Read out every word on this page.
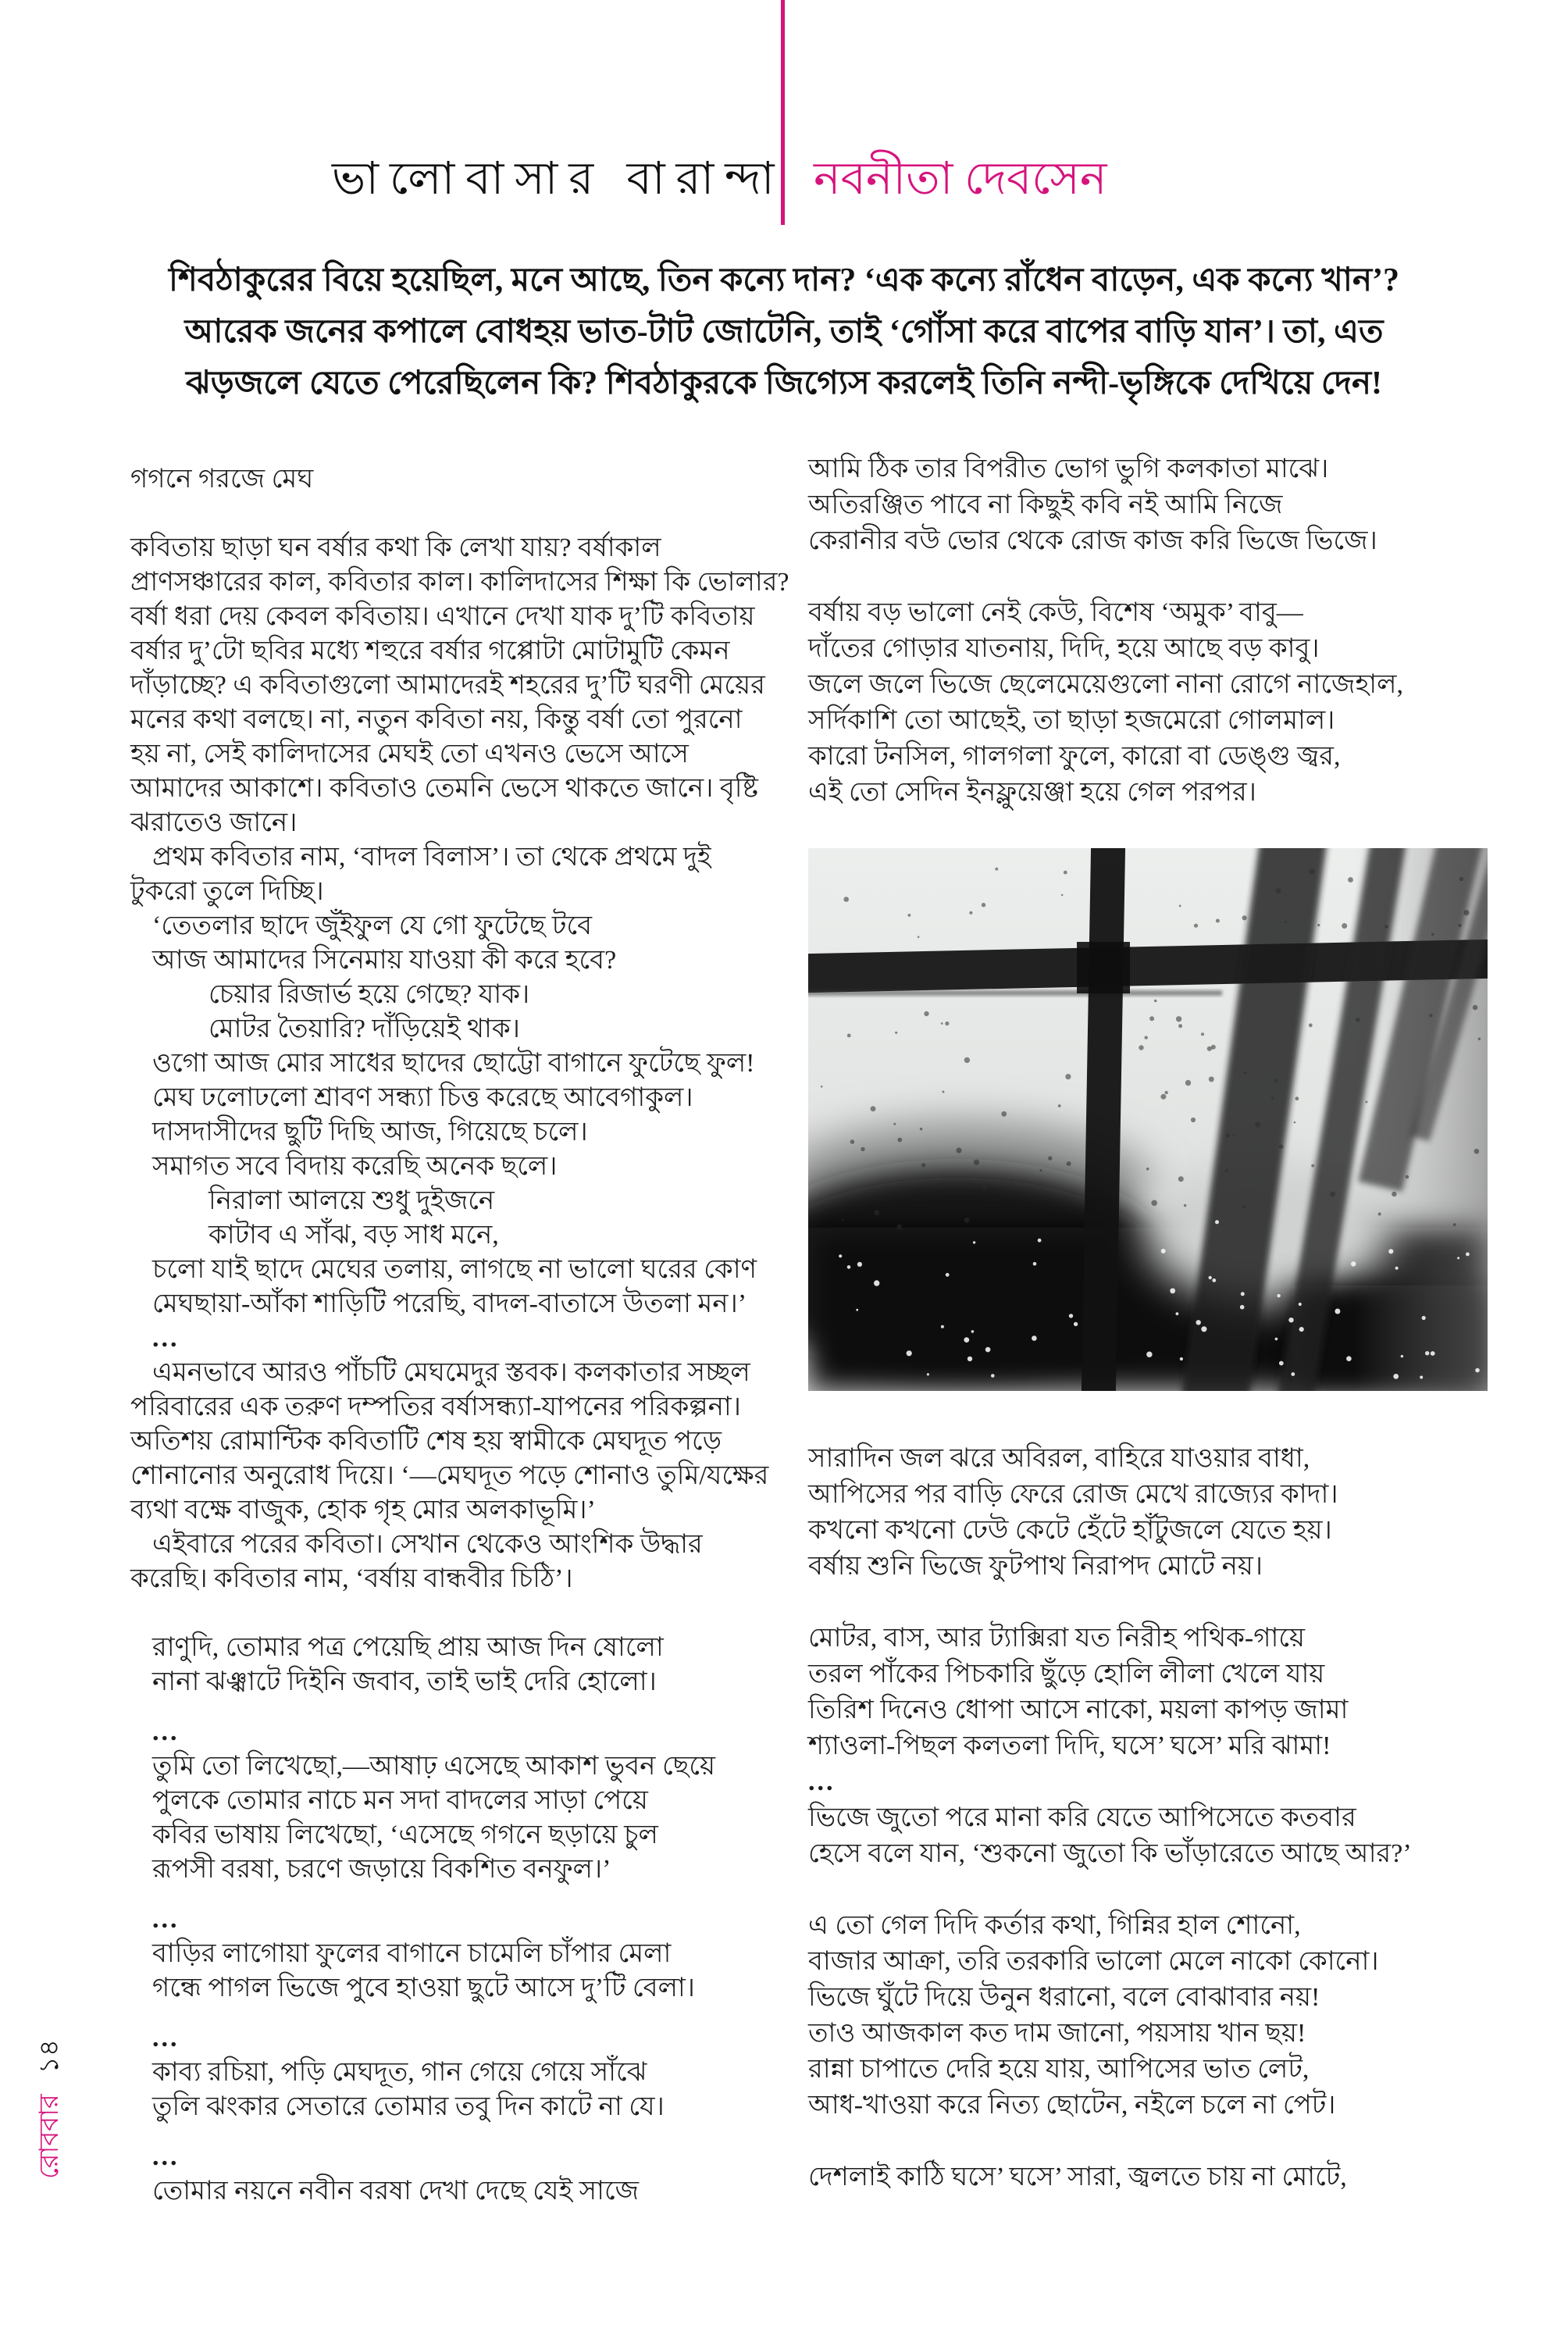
ভালোবাসার বারান্দা নবনীতা দেবসেন
শিবঠাকুরের বিয়ে হয়েছিল, মনে আছে, তিন কন্যে দান? ‘এক কন্যে রাঁধেন বাড়েন, এক কন্যে খান’?
আরেক জনের কপালে বোধহয় ভাত-টাট জোটেনি, তাই ‘গোঁসা করে বাপের বাড়ি যান’। তা, এত
ঝড়জলে যেতে পেরেছিলেন কি? শিবঠাকুরকে জিগ্যেস করলেই তিনি নন্দী-ভৃঙ্গিকে দেখিয়ে দেন!
গগনে গরজে মেঘ
কবিতায় ছাড়া ঘন বর্ষার কথা কি লেখা যায়? বর্ষাকাল
প্রাণসঞ্চারের কাল, কবিতার কাল। কালিদাসের শিক্ষা কি ভোলার?
বর্ষা ধরা দেয় কেবল কবিতায়। এখানে দেখা যাক দু’টি কবিতায়
বর্ষার দু’টো ছবির মধ্যে শহুরে বর্ষার গপ্পোটা মোটামুটি কেমন
দাঁড়াচ্ছে? এ কবিতাগুলো আমাদেরই শহরের দু’টি ঘরণী মেয়ের
মনের কথা বলছে। না, নতুন কবিতা নয়, কিন্তু বর্ষা তো পুরনো
হয় না, সেই কালিদাসের মেঘই তো এখনও ভেসে আসে
আমাদের আকাশে। কবিতাও তেমনি ভেসে থাকতে জানে। বৃষ্টি
ঝরাতেও জানে।
প্রথম কবিতার নাম, ‘বাদল বিলাস’। তা থেকে প্রথমে দুই
টুকরো তুলে দিচ্ছি।
‘তেতলার ছাদে জুঁইফুল যে গো ফুটেছে টবে
আজ আমাদের সিনেমায় যাওয়া কী করে হবে?
চেয়ার রিজার্ভ হয়ে গেছে? যাক।
মোটর তৈয়ারি? দাঁড়িয়েই থাক।
ওগো আজ মোর সাধের ছাদের ছোট্টো বাগানে ফুটেছে ফুল!
মেঘ ঢলোঢলো শ্রাবণ সন্ধ্যা চিত্ত করেছে আবেগাকুল।
দাসদাসীদের ছুটি দিছি আজ, গিয়েছে চলে।
সমাগত সবে বিদায় করেছি অনেক ছলে।
নিরালা আলয়ে শুধু দুইজনে
কাটাব এ সাঁঝ, বড় সাধ মনে,
চলো যাই ছাদে মেঘের তলায়, লাগছে না ভালো ঘরের কোণ
মেঘছায়া-আঁকা শাড়িটি পরেছি, বাদল-বাতাসে উতলা মন।’
...
এমনভাবে আরও পাঁচটি মেঘমেদুর স্তবক। কলকাতার সচ্ছল
পরিবারের এক তরুণ দম্পতির বর্ষাসন্ধ্যা-যাপনের পরিকল্পনা।
অতিশয় রোমান্টিক কবিতাটি শেষ হয় স্বামীকে মেঘদূত পড়ে
শোনানোর অনুরোধ দিয়ে। ‘—মেঘদূত পড়ে শোনাও তুমি/যক্ষের
ব্যথা বক্ষে বাজুক, হোক গৃহ মোর অলকাভূমি।’
এইবারে পরের কবিতা। সেখান থেকেও আংশিক উদ্ধার
করেছি। কবিতার নাম, ‘বর্ষায় বান্ধবীর চিঠি’।
রাণুদি, তোমার পত্র পেয়েছি প্রায় আজ দিন ষোলো
নানা ঝঞ্ঝাটে দিইনি জবাব, তাই ভাই দেরি হোলো।
...
তুমি তো লিখেছো,—আষাঢ় এসেছে আকাশ ভুবন ছেয়ে
পুলকে তোমার নাচে মন সদা বাদলের সাড়া পেয়ে
কবির ভাষায় লিখেছো, ‘এসেছে গগনে ছড়ায়ে চুল
রূপসী বরষা, চরণে জড়ায়ে বিকশিত বনফুল।’
...
বাড়ির লাগোয়া ফুলের বাগানে চামেলি চাঁপার মেলা
গন্ধে পাগল ভিজে পুবে হাওয়া ছুটে আসে দু’টি বেলা।
...
কাব্য রচিয়া, পড়ি মেঘদূত, গান গেয়ে গেয়ে সাঁঝে
তুলি ঝংকার সেতারে তোমার তবু দিন কাটে না যে।
...
তোমার নয়নে নবীন বরষা দেখা দেছে যেই সাজে
আমি ঠিক তার বিপরীত ভোগ ভুগি কলকাতা মাঝে।
অতিরঞ্জিত পাবে না কিছুই কবি নই আমি নিজে
কেরানীর বউ ভোর থেকে রোজ কাজ করি ভিজে ভিজে।
বর্ষায় বড় ভালো নেই কেউ, বিশেষ ‘অমুক’ বাবু—
দাঁতের গোড়ার যাতনায়, দিদি, হয়ে আছে বড় কাবু।
জলে জলে ভিজে ছেলেমেয়েগুলো নানা রোগে নাজেহাল,
সর্দিকাশি তো আছেই, তা ছাড়া হজমেরো গোলমাল।
কারো টনসিল, গালগলা ফুলে, কারো বা ডেঙ্গু জ্বর,
এই তো সেদিন ইনফ্লুয়েঞ্জা হয়ে গেল পরপর।
সারাদিন জল ঝরে অবিরল, বাহিরে যাওয়ার বাধা,
আপিসের পর বাড়ি ফেরে রোজ মেখে রাজ্যের কাদা।
কখনো কখনো ঢেউ কেটে হেঁটে হাঁটুজলে যেতে হয়।
বর্ষায় শুনি ভিজে ফুটপাথ নিরাপদ মোটে নয়।
মোটর, বাস, আর ট্যাক্সিরা যত নিরীহ পথিক-গায়ে
তরল পাঁকের পিচকারি ছুঁড়ে হোলি লীলা খেলে যায়
তিরিশ দিনেও ধোপা আসে নাকো, ময়লা কাপড় জামা
শ্যাওলা-পিছল কলতলা দিদি, ঘসে’ ঘসে’ মরি ঝামা!
...
ভিজে জুতো পরে মানা করি যেতে আপিসেতে কতবার
হেসে বলে যান, ‘শুকনো জুতো কি ভাঁড়ারেতে আছে আর?’
এ তো গেল দিদি কর্তার কথা, গিন্নির হাল শোনো,
বাজার আক্রা, তরি তরকারি ভালো মেলে নাকো কোনো।
ভিজে ঘুঁটে দিয়ে উনুন ধরানো, বলে বোঝাবার নয়!
তাও আজকাল কত দাম জানো, পয়সায় খান ছয়!
রান্না চাপাতে দেরি হয়ে যায়, আপিসের ভাত লেট,
আধ-খাওয়া করে নিত্য ছোটেন, নইলে চলে না পেট।
দেশলাই কাঠি ঘসে’ ঘসে’ সারা, জ্বলতে চায় না মোটে,
রোববার১৪
